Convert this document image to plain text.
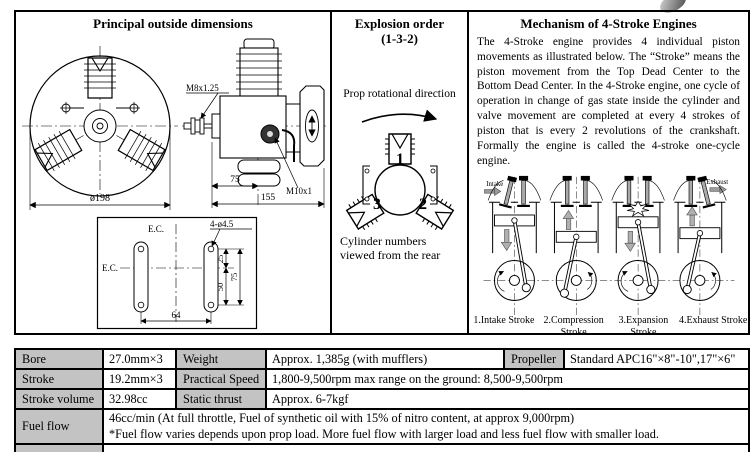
Principal outside dimensions
ø198
M8x1.25
M10x1
75
155
E.C.
E.C.
4-ø4.5
25
50
75
64
Explosion order
(1-3-2)
Prop rotational direction
1
3 2
Cylinder numbers viewed from the rear
Mechanism of 4-Stroke Engines

The 4-Stroke engine provides 4 individual piston movements as illustrated below. The “Stroke” means the piston movement from the Top Dead Center to the Bottom Dead Center. In the 4-Stroke engine, one cycle of operation in change of gas state inside the cylinder and valve movement are completed at every 4 strokes of piston that is every 2 revolutions of the crankshaft. Formally the engine is called the 4-stroke one-cycle engine.

Intake	Exhaust
1.Intake Stroke 2.Compression Stroke
3.Expansion Stroke
4.Exhaust Stroke
Bore	27.0mm×3	Weight	Approx. 1,385g (with mufflers)	Propeller	Standard APC16"×8"-10",17"×6"
Stroke	19.2mm×3	Practical Speed	1,800-9,500rpm max range on the ground: 8,500-9,500rpm		
Stroke volume	32.98cc	Static thrust	Approx. 6-7kgf		
Fuel flow	46cc/min (At full throttle, Fuel of synthetic oil with 15% of nitro content, at approx 9,000rpm)
*Fuel flow varies depends upon prop load. More fuel flow with larger load and less fuel flow with smaller load.				
